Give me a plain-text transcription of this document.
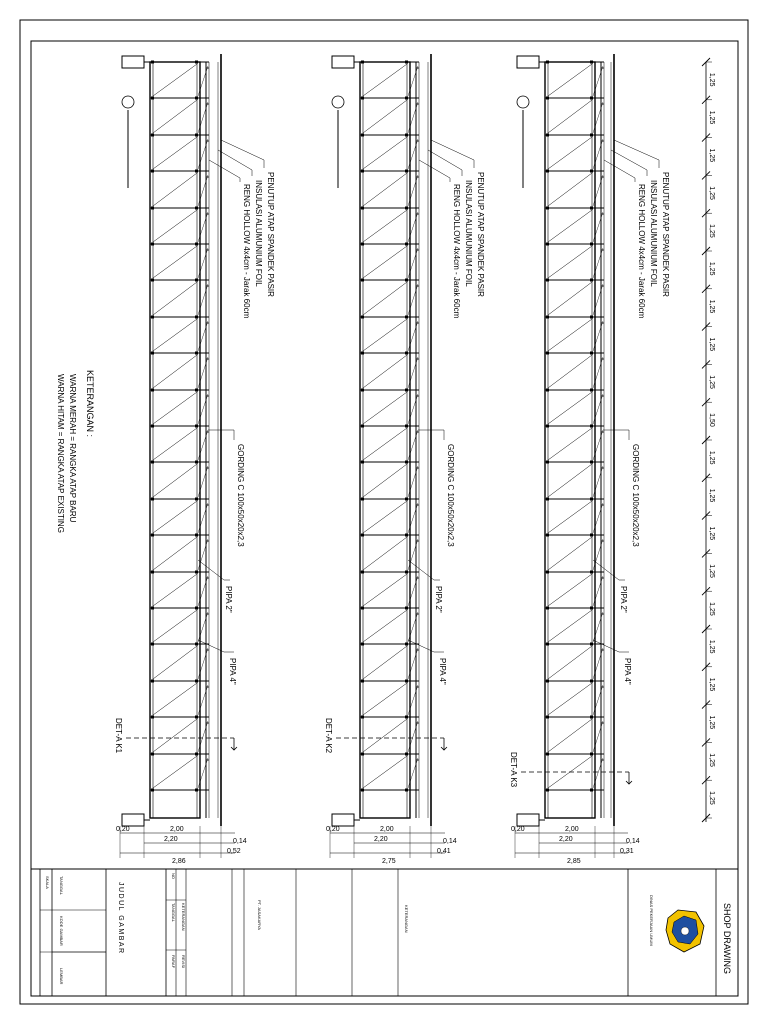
PENUTUP ATAP SPANDEK PASIR
INSULASI ALUMUNIUM FOIL
RENG HOLLOW 4x4cm - Jarak 60cm
GORDING C 100x50x20x2,3
PIPA 2"
PIPA 4"
DET-A K1
0,20	2,00
2,20
2,86
0,14
0,52
PENUTUP ATAP SPANDEK PASIR
INSULASI ALUMUNIUM FOIL
RENG HOLLOW 4x4cm - Jarak 60cm
GORDING C 100x50x20x2,3
PIPA 2"
PIPA 4"
DET-A K2
0,20	2,00
2,20
2,75
0,14
0,41
PENUTUP ATAP SPANDEK PASIR
INSULASI ALUMUNIUM FOIL
RENG HOLLOW 4x4cm - Jarak 60cm
GORDING C 100x50x20x2,3
PIPA 2"
PIPA 4"
DET-A K3
0,20	2,00
2,20
2,85
0,14
0,31
1,25
1,25
1,25
1,25
1,25
1,25
1,25
1,25
1,25
1,50
1,25
1,25
1,25
1,25
1,25
1,25
1,25
1,25
1,25
1,25
KETERANGAN :
WARNA MERAH = RANGKA ATAP BARU
WARNA HITAM = RANGKA ATAP EXISTING
TANGGAL
KODE GAMBAR
LEMBAR
SKALA	JUDUL GAMBAR
NO
TANGGAL KETERANGAN
PARAF REVISI
PT. JASAKARYA	DINAS PEKERJAAN UMUM
KETERANGAN	SHOP DRAWING
